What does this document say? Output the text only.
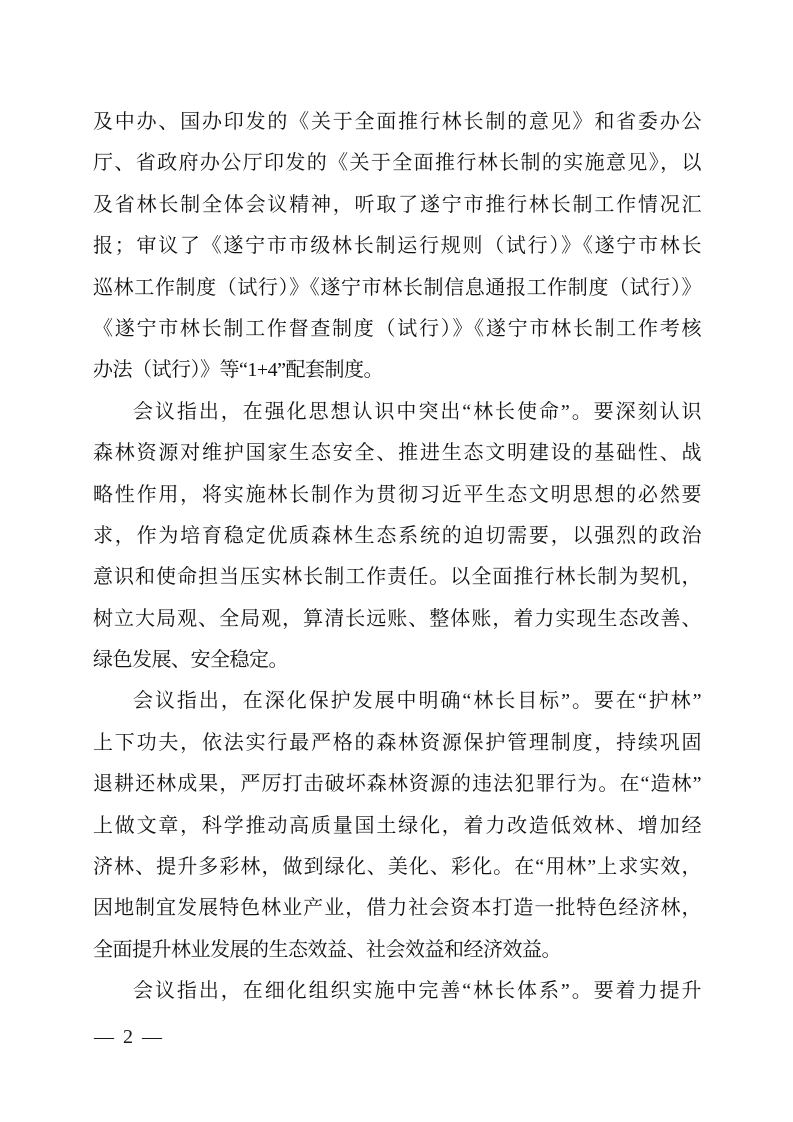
及中办、国办印发的《关于全面推行林长制的意见》和省委办公
厅、省政府办公厅印发的《关于全面推行林长制的实施意见》，以
及省林长制全体会议精神，听取了遂宁市推行林长制工作情况汇
报；审议了《遂宁市市级林长制运行规则（试行）》《遂宁市林长
巡林工作制度（试行）》《遂宁市林长制信息通报工作制度（试行）》
《遂宁市林长制工作督查制度（试行）》《遂宁市林长制工作考核
办法（试行）》等“1+4”配套制度。
会议指出，在强化思想认识中突出“林长使命”。要深刻认识
森林资源对维护国家生态安全、推进生态文明建设的基础性、战
略性作用，将实施林长制作为贯彻习近平生态文明思想的必然要
求，作为培育稳定优质森林生态系统的迫切需要，以强烈的政治
意识和使命担当压实林长制工作责任。以全面推行林长制为契机，
树立大局观、全局观，算清长远账、整体账，着力实现生态改善、
绿色发展、安全稳定。
会议指出，在深化保护发展中明确“林长目标”。要在“护林”
上下功夫，依法实行最严格的森林资源保护管理制度，持续巩固
退耕还林成果，严厉打击破坏森林资源的违法犯罪行为。在“造林”
上做文章，科学推动高质量国土绿化，着力改造低效林、增加经
济林、提升多彩林，做到绿化、美化、彩化。在“用林”上求实效，
因地制宜发展特色林业产业，借力社会资本打造一批特色经济林，
全面提升林业发展的生态效益、社会效益和经济效益。
会议指出，在细化组织实施中完善“林长体系”。要着力提升
— 2 —
